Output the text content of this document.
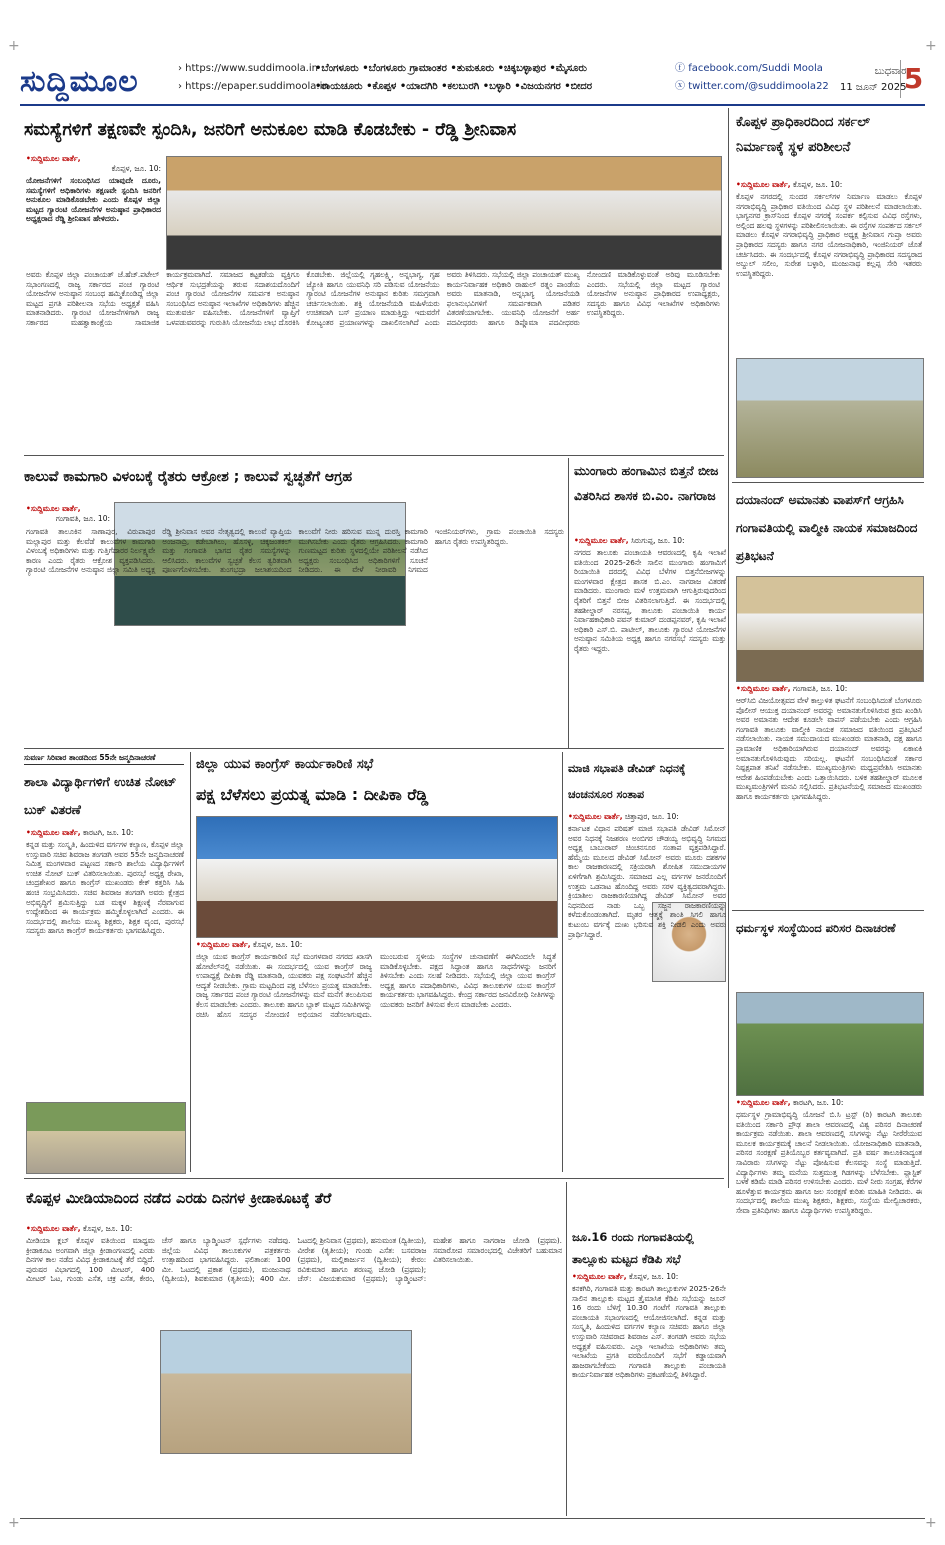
+	+
+	+
ಸುದ್ದಿಮೂಲ	› https://www.suddimoola.in
› https://epaper.suddimoola.in
•ಬೆಂಗಳೂರು •ಬೆಂಗಳೂರು ಗ್ರಾಮಾಂತರ •ತುಮಕೂರು •ಚಿಕ್ಕಬಳ್ಳಾಪುರ •ಮೈಸೂರು
•ರಾಯಚೂರು •ಕೊಪ್ಪಳ •ಯಾದಗಿರಿ •ಕಲಬುರಗಿ •ಬಳ್ಳಾರಿ •ವಿಜಯನಗರ •ಬೀದರ
ⓕ facebook.com/Suddi Moola
ⓧ twitter.com/@suddimoola22
ಬುಧವಾರ
11 ಜೂನ್ 2025
5
ಸಮಸ್ಯೆಗಳಿಗೆ ತಕ್ಷಣವೇ ಸ್ಪಂದಿಸಿ, ಜನರಿಗೆ ಅನುಕೂಲ ಮಾಡಿ ಕೊಡಬೇಕು - ರೆಡ್ಡಿ ಶ್ರೀನಿವಾಸ
•ಸುದ್ದಿಮೂಲ ವಾರ್ತೆ,
ಕೊಪ್ಪಳ, ಜೂ. 10:
ಯೋಜನೆಗಳಿಗೆ ಸಂಬಂಧಿಸಿದ ಯಾವುದೇ ದೂರು, ಸಮಸ್ಯೆಗಳಿಗೆ ಅಧಿಕಾರಿಗಳು ತಕ್ಷಣವೇ ಸ್ಪಂದಿಸಿ ಜನರಿಗೆ ಅನುಕೂಲ ಮಾಡಿಕೊಡಬೇಕು ಎಂದು ಕೊಪ್ಪಳ ಜಿಲ್ಲಾ ಮಟ್ಟದ ಗ್ಯಾರಂಟಿ ಯೋಜನೆಗಳ ಅನುಷ್ಠಾನ ಪ್ರಾಧಿಕಾರದ ಅಧ್ಯಕ್ಷರಾದ ರೆಡ್ಡಿ ಶ್ರೀನಿವಾಸ ಹೇಳಿದರು.
ಅವರು ಕೊಪ್ಪಳ ಜಿಲ್ಲಾ ಪಂಚಾಯತ್ ಜೆ.ಹೆಚ್.ಪಟೇಲ್ ಸಭಾಂಗಣದಲ್ಲಿ ರಾಜ್ಯ ಸರ್ಕಾರದ ಪಂಚ ಗ್ಯಾರಂಟಿ ಯೋಜನೆಗಳ ಅನುಷ್ಠಾನ ಸಂಬಂಧ ಹಮ್ಮಿಕೊಂಡಿದ್ದ ಜಿಲ್ಲಾ ಮಟ್ಟದ ಪ್ರಗತಿ ಪರಿಶೀಲನಾ ಸಭೆಯ ಅಧ್ಯಕ್ಷತೆ ವಹಿಸಿ ಮಾತನಾಡಿದರು. ಗ್ಯಾರಂಟಿ ಯೋಜನೆಗಳಿಗಾಗಿ ರಾಜ್ಯ ಸರ್ಕಾರದ ಮಹತ್ವಾಕಾಂಕ್ಷೆಯ ಸಾಮಾಜಿಕ ಕಾರ್ಯಕ್ರಮವಾಗಿದೆ. ಸಮಾಜದ ಕಟ್ಟಕಡೆಯ ವ್ಯಕ್ತಿಗೂ ಆರ್ಥಿಕ ಸುಭದ್ರತೆಯನ್ನು ತರುವ ಸದಾಶಯದೊಂದಿಗೆ ಪಂಚ ಗ್ಯಾರಂಟಿ ಯೋಜನೆಗಳ ಸಮರ್ಪಕ ಅನುಷ್ಠಾನ ಸಂಬಂಧಿಸಿದ ಅನುಷ್ಠಾನ ಇಲಾಖೆಗಳ ಅಧಿಕಾರಿಗಳು ಹೆಚ್ಚಿನ ಮುತುವರ್ಜಿ ವಹಿಸಬೇಕು. ಯೋಜನೆಗಳಿಗೆ ವ್ಯಾಪ್ತಿಗೆ ಒಳಪಡುವವರನ್ನು ಗುರುತಿಸಿ ಯೋಜನೆಯ ಲಾಭ ದೊರಕಿಸಿ ಕೊಡಬೇಕು. ಜಿಲ್ಲೆಯಲ್ಲಿ ಗೃಹಲಕ್ಷ್ಮಿ, ಅನ್ನಭಾಗ್ಯ, ಗೃಹ ಜ್ಯೋತಿ ಹಾಗೂ ಯುವನಿಧಿ ಸರಿ ಪಡಿಸುವ ಯೋಜನೆಯು ಗ್ಯಾರಂಟಿ ಯೋಜನೆಗಳ ಅನುಷ್ಠಾನ ಕುರಿತು ಸಮಗ್ರವಾಗಿ ಚರ್ಚಿಸಲಾಯಿತು. ಶಕ್ತಿ ಯೋಜನೆಯಡಿ ಮಹಿಳೆಯರು ಉಚಿತವಾಗಿ ಬಸ್ ಪ್ರಯಾಣ ಮಾಡುತ್ತಿದ್ದು ಇದುವರೆಗೆ ಕೋಟ್ಯಂತರ ಪ್ರಯಾಣಗಳನ್ನು ದಾಖಲಿಸಲಾಗಿದೆ ಎಂದು ಅವರು ತಿಳಿಸಿದರು. ಸಭೆಯಲ್ಲಿ ಜಿಲ್ಲಾ ಪಂಚಾಯತ್ ಮುಖ್ಯ ಕಾರ್ಯನಿರ್ವಾಹಕ ಅಧಿಕಾರಿ ರಾಹುಲ್ ರತ್ನಂ ಪಾಂಡೆಯ ಅವರು ಮಾತನಾಡಿ, ಅನ್ನಭಾಗ್ಯ ಯೋಜನೆಯಡಿ ಫಲಾನುಭವಿಗಳಿಗೆ ಸಮರ್ಪಕವಾಗಿ ಪಡಿತರ ವಿತರಣೆಯಾಗಬೇಕು. ಯುವನಿಧಿ ಯೋಜನೆಗೆ ಅರ್ಹ ಪದವೀಧರರು ಹಾಗೂ ಡಿಪ್ಲೊಮಾ ಪದವೀಧರರು ನೋಂದಣಿ ಮಾಡಿಕೊಳ್ಳುವಂತೆ ಅರಿವು ಮೂಡಿಸಬೇಕು ಎಂದರು. ಸಭೆಯಲ್ಲಿ ಜಿಲ್ಲಾ ಮಟ್ಟದ ಗ್ಯಾರಂಟಿ ಯೋಜನೆಗಳ ಅನುಷ್ಠಾನ ಪ್ರಾಧಿಕಾರದ ಉಪಾಧ್ಯಕ್ಷರು, ಸದಸ್ಯರು ಹಾಗೂ ವಿವಿಧ ಇಲಾಖೆಗಳ ಅಧಿಕಾರಿಗಳು ಉಪಸ್ಥಿತರಿದ್ದರು.
ಕೊಪ್ಪಳ ಪ್ರಾಧಿಕಾರದಿಂದ ಸರ್ಕಲ್ ನಿರ್ಮಾಣಕ್ಕೆ ಸ್ಥಳ ಪರಿಶೀಲನೆ
•ಸುದ್ದಿಮೂಲ ವಾರ್ತೆ, ಕೊಪ್ಪಳ, ಜೂ. 10:
ಕೊಪ್ಪಳ ನಗರದಲ್ಲಿ ಸುಂದರ ಸರ್ಕಲ್‌ಗಳ ನಿರ್ಮಾಣ ಮಾಡಲು ಕೊಪ್ಪಳ ನಗರಾಭಿವೃದ್ಧಿ ಪ್ರಾಧಿಕಾರ ವತಿಯಿಂದ ವಿವಿಧ ಸ್ಥಳ ಪರಿಶೀಲನೆ ಮಾಡಲಾಯಿತು. ಭಾಗ್ಯನಗರ ಕ್ರಾಸ್‌ನಿಂದ ಕೊಪ್ಪಳ ನಗರಕ್ಕೆ ಸಂಪರ್ಕ ಕಲ್ಪಿಸುವ ವಿವಿಧ ರಸ್ತೆಗಳು, ಅಲ್ಲಿಂದ ಹಲವು ಸ್ಥಳಗಳನ್ನು ಪರಿಶೀಲಿಸಲಾಯಿತು. ಈ ರಸ್ತೆಗಳ ಸಂಪರ್ಕದ ಸರ್ಕಲ್ ಮಾಡಲು ಕೊಪ್ಪಳ ನಗರಾಭಿವೃದ್ಧಿ ಪ್ರಾಧಿಕಾರ ಅಧ್ಯಕ್ಷ ಶ್ರೀನಿವಾಸ ಗುಪ್ತಾ ಅವರು ಪ್ರಾಧಿಕಾರದ ಸದಸ್ಯರು ಹಾಗೂ ನಗರ ಯೋಜನಾಧಿಕಾರಿ, ಇಂಜಿನಿಯರ್ ಜೊತೆ ಚರ್ಚಿಸಿದರು. ಈ ಸಂದರ್ಭದಲ್ಲಿ ಕೊಪ್ಪಳ ನಗರಾಭಿವೃದ್ಧಿ ಪ್ರಾಧಿಕಾರದ ಸದಸ್ಯರಾದ ಅಬ್ದುಲ್ ಸಲೀಂ, ಸುರೇಶ ಬಳ್ಳಾರಿ, ಮಂಜುನಾಥ ಕಲ್ಲಪ್ಪ ಸೇರಿ ಇತರರು ಉಪಸ್ಥಿತರಿದ್ದರು.
ಕಾಲುವೆ ಕಾಮಗಾರಿ ವಿಳಂಬಕ್ಕೆ ರೈತರು ಆಕ್ರೋಶ ; ಕಾಲುವೆ ಸ್ವಚ್ಛತೆಗೆ ಆಗ್ರಹ
•ಸುದ್ದಿಮೂಲ ವಾರ್ತೆ,
ಗಂಗಾವತಿ, ಜೂ. 10:
ಗಂಗಾವತಿ ತಾಲೂಕಿನ ಸಾಣಾಪುರ, ವಿರುಪಾಪುರ ಮಲ್ಲಾಪುರ ಮತ್ತು ಕೆಲವೆಡೆ ಕಾಲುವೆಗಳ ಕಾಮಗಾರಿ ವಿಳಂಬಕ್ಕೆ ಅಧಿಕಾರಿಗಳು ಮತ್ತು ಗುತ್ತಿಗೆದಾರರ ನಿರ್ಲಕ್ಷ್ಯವೇ ಕಾರಣ ಎಂದು ರೈತರು ಆಕ್ರೋಶ ವ್ಯಕ್ತಪಡಿಸಿದರು. ಗ್ಯಾರಂಟಿ ಯೋಜನೆಗಳ ಅನುಷ್ಠಾನ ಜಿಲ್ಲಾ ಸಮಿತಿ ಅಧ್ಯಕ್ಷ ರೆಡ್ಡಿ ಶ್ರೀನಿವಾಸ ಅವರ ನೇತೃತ್ವದಲ್ಲಿ ಕಾಲುವೆ ವ್ಯಾಪ್ತಿಯ ಅಂಜನಾದ್ರಿ, ಕಡೇಬಾಗಿಲು, ಹೊಸಳ್ಳಿ, ಚಿಕ್ಕಜಂತಕಲ್ ಮತ್ತು ಗಂಗಾವತಿ ಭಾಗದ ರೈತರ ಸಮಸ್ಯೆಗಳನ್ನು ಆಲಿಸಿದರು. ಕಾಲುವೆಗಳ ಸ್ವಚ್ಛತೆ ಕೆಲಸ ತ್ವರಿತವಾಗಿ ಪೂರ್ಣಗೊಳಿಸಬೇಕು. ತುಂಗಭದ್ರಾ ಜಲಾಶಯದಿಂದ ಕಾಲುವೆಗೆ ನೀರು ಹರಿಸುವ ಮುನ್ನ ದುರಸ್ತಿ ಕಾಮಗಾರಿ ಮುಗಿಸಬೇಕು ಎಂದು ರೈತರು ಆಗ್ರಹಿಸಿದರು. ಕಾಮಗಾರಿ ಗುಣಮಟ್ಟದ ಕುರಿತು ಸ್ಥಳದಲ್ಲಿಯೇ ಪರಿಶೀಲನೆ ನಡೆಸಿದ ಅಧ್ಯಕ್ಷರು ಸಂಬಂಧಿಸಿದ ಅಧಿಕಾರಿಗಳಿಗೆ ಸೂಚನೆ ನೀಡಿದರು. ಈ ವೇಳೆ ನೀರಾವರಿ ನಿಗಮದ ಇಂಜಿನಿಯರ್‌ಗಳು, ಗ್ರಾಮ ಪಂಚಾಯಿತಿ ಸದಸ್ಯರು ಹಾಗೂ ರೈತರು ಉಪಸ್ಥಿತರಿದ್ದರು.
ಮುಂಗಾರು ಹಂಗಾಮಿನ ಬಿತ್ತನೆ ಬೀಜ ವಿತರಿಸಿದ ಶಾಸಕ ಬಿ.ಎಂ. ನಾಗರಾಜ
•ಸುದ್ದಿಮೂಲ ವಾರ್ತೆ, ಸಿರುಗುಪ್ಪ, ಜೂ. 10:
ನಗರದ ತಾಲೂಕು ಪಂಚಾಯತಿ ಆವರಣದಲ್ಲಿ ಕೃಷಿ ಇಲಾಖೆ ವತಿಯಿಂದ 2025-26ನೇ ಸಾಲಿನ ಮುಂಗಾರು ಹಂಗಾಮಿಗೆ ರಿಯಾಯಿತಿ ದರದಲ್ಲಿ ವಿವಿಧ ಬೆಳೆಗಳ ಬಿತ್ತನೆಬೀಜಗಳನ್ನು ಮಂಗಳವಾರ ಕ್ಷೇತ್ರದ ಶಾಸಕ ಬಿ.ಎಂ. ನಾಗರಾಜ ವಿತರಣೆ ಮಾಡಿದರು. ಮುಂಗಾರು ಮಳೆ ಉತ್ತಮವಾಗಿ ಆಗುತ್ತಿರುವುದರಿಂದ ರೈತರಿಗೆ ಬಿತ್ತನೆ ಬೀಜ ವಿತರಿಸಲಾಗುತ್ತಿದೆ. ಈ ಸಂದರ್ಭದಲ್ಲಿ ತಹಶೀಲ್ದಾರ್ ನರಸಪ್ಪ, ತಾಲೂಕು ಪಂಚಾಯಿತಿ ಕಾರ್ಯ ನಿರ್ವಾಹಕಾಧಿಕಾರಿ ಪವನ್ ಕುಮಾರ್ ದಂಡಪ್ಪನವರ್, ಕೃಷಿ ಇಲಾಖೆ ಅಧಿಕಾರಿ ಎಸ್.ಬಿ. ಪಾಟೀಲ್, ತಾಲೂಕು ಗ್ಯಾರಂಟಿ ಯೋಜನೆಗಳ ಅನುಷ್ಠಾನ ಸಮಿತಿಯ ಅಧ್ಯಕ್ಷ ಹಾಗೂ ನಗರಸಭೆ ಸದಸ್ಯರು ಮತ್ತು ರೈತರು ಇದ್ದರು.
ದಯಾನಂದ್ ಅಮಾನತು ವಾಪಸ್‌ಗೆ ಆಗ್ರಹಿಸಿ ಗಂಗಾವತಿಯಲ್ಲಿ ವಾಲ್ಮೀಕಿ ನಾಯಕ ಸಮಾಜದಿಂದ ಪ್ರತಿಭಟನೆ
•ಸುದ್ದಿಮೂಲ ವಾರ್ತೆ, ಗಂಗಾವತಿ, ಜೂ. 10:
ಆರ್‌ಸಿಬಿ ವಿಜಯೋತ್ಸವದ ವೇಳೆ ಕಾಲ್ತುಳಿತ ಘಟನೆಗೆ ಸಂಬಂಧಿಸಿದಂತೆ ಬೆಂಗಳೂರು ಪೊಲೀಸ್ ಆಯುಕ್ತ ದಯಾನಂದ್ ಅವರನ್ನು ಅಮಾನತುಗೊಳಿಸಿರುವ ಕ್ರಮ ಖಂಡಿಸಿ ಅವರ ಅಮಾನತು ಆದೇಶ ಕೂಡಲೇ ವಾಪಸ್ ಪಡೆಯಬೇಕು ಎಂದು ಆಗ್ರಹಿಸಿ ಗಂಗಾವತಿ ತಾಲೂಕು ವಾಲ್ಮೀಕಿ ನಾಯಕ ಸಮಾಜದ ವತಿಯಿಂದ ಪ್ರತಿಭಟನೆ ನಡೆಸಲಾಯಿತು. ನಾಯಕ ಸಮುದಾಯದ ಮುಖಂಡರು ಮಾತನಾಡಿ, ದಕ್ಷ ಹಾಗೂ ಪ್ರಾಮಾಣಿಕ ಅಧಿಕಾರಿಯಾಗಿರುವ ದಯಾನಂದ್ ಅವರನ್ನು ಏಕಾಏಕಿ ಅಮಾನತುಗೊಳಿಸಿರುವುದು ಸರಿಯಲ್ಲ. ಘಟನೆಗೆ ಸಂಬಂಧಿಸಿದಂತೆ ಸರ್ಕಾರ ನಿಷ್ಪಕ್ಷಪಾತ ತನಿಖೆ ನಡೆಸಬೇಕು. ಮುಖ್ಯಮಂತ್ರಿಗಳು ಮಧ್ಯಪ್ರವೇಶಿಸಿ ಅಮಾನತು ಆದೇಶ ಹಿಂಪಡೆಯಬೇಕು ಎಂದು ಒತ್ತಾಯಿಸಿದರು. ಬಳಿಕ ತಹಶೀಲ್ದಾರ್ ಮೂಲಕ ಮುಖ್ಯಮಂತ್ರಿಗಳಿಗೆ ಮನವಿ ಸಲ್ಲಿಸಿದರು. ಪ್ರತಿಭಟನೆಯಲ್ಲಿ ಸಮಾಜದ ಮುಖಂಡರು ಹಾಗೂ ಕಾರ್ಯಕರ್ತರು ಭಾಗವಹಿಸಿದ್ದರು.
ಸುವರ್ಣ ಸಿರಿವಾರ ತಾಂಡದಿಂದ 55ನೇ ಜನ್ಮದಿನಾಚರಣೆ
ಶಾಲಾ ವಿದ್ಯಾರ್ಥಿಗಳಿಗೆ ಉಚಿತ ನೋಟ್ ಬುಕ್ ವಿತರಣೆ
•ಸುದ್ದಿಮೂಲ ವಾರ್ತೆ, ಕಾರಟಗಿ, ಜೂ. 10:
ಕನ್ನಡ ಮತ್ತು ಸಂಸ್ಕೃತಿ, ಹಿಂದುಳಿದ ವರ್ಗಗಳ ಕಲ್ಯಾಣ, ಕೊಪ್ಪಳ ಜಿಲ್ಲಾ ಉಸ್ತುವಾರಿ ಸಚಿವ ಶಿವರಾಜ ತಂಗಡಗಿ ಅವರ 55ನೇ ಜನ್ಮದಿನಾಚರಣೆ ನಿಮಿತ್ತ ಮಂಗಳವಾರ ಪಟ್ಟಣದ ಸರ್ಕಾರಿ ಶಾಲೆಯ ವಿದ್ಯಾರ್ಥಿಗಳಿಗೆ ಉಚಿತ ನೋಟ್ ಬುಕ್ ವಿತರಿಸಲಾಯಿತು. ಪುರಸಭೆ ಅಧ್ಯಕ್ಷ ರೇಖಾ, ಚಂದ್ರಶೇಖರ ಹಾಗೂ ಕಾಂಗ್ರೆಸ್ ಮುಖಂಡರು ಕೇಕ್ ಕತ್ತರಿಸಿ ಸಿಹಿ ಹಂಚಿ ಸಂಭ್ರಮಿಸಿದರು. ಸಚಿವ ಶಿವರಾಜ ತಂಗಡಗಿ ಅವರು ಕ್ಷೇತ್ರದ ಅಭಿವೃದ್ಧಿಗೆ ಶ್ರಮಿಸುತ್ತಿದ್ದು ಬಡ ಮಕ್ಕಳ ಶಿಕ್ಷಣಕ್ಕೆ ನೆರವಾಗುವ ಉದ್ದೇಶದಿಂದ ಈ ಕಾರ್ಯಕ್ರಮ ಹಮ್ಮಿಕೊಳ್ಳಲಾಗಿದೆ ಎಂದರು. ಈ ಸಂದರ್ಭದಲ್ಲಿ ಶಾಲೆಯ ಮುಖ್ಯ ಶಿಕ್ಷಕರು, ಶಿಕ್ಷಕ ವೃಂದ, ಪುರಸಭೆ ಸದಸ್ಯರು ಹಾಗೂ ಕಾಂಗ್ರೆಸ್ ಕಾರ್ಯಕರ್ತರು ಭಾಗವಹಿಸಿದ್ದರು.
ಜಿಲ್ಲಾ ಯುವ ಕಾಂಗ್ರೆಸ್ ಕಾರ್ಯಕಾರಿಣಿ ಸಭೆ
ಪಕ್ಷ ಬೆಳೆಸಲು ಪ್ರಯತ್ನ ಮಾಡಿ : ದೀಪಿಕಾ ರೆಡ್ಡಿ
•ಸುದ್ದಿಮೂಲ ವಾರ್ತೆ, ಕೊಪ್ಪಳ, ಜೂ. 10:
ಜಿಲ್ಲಾ ಯುವ ಕಾಂಗ್ರೆಸ್ ಕಾರ್ಯಕಾರಿಣಿ ಸಭೆ ಮಂಗಳವಾರ ನಗರದ ಖಾಸಗಿ ಹೋಟೆಲ್‌ನಲ್ಲಿ ನಡೆಯಿತು. ಈ ಸಂದರ್ಭದಲ್ಲಿ ಯುವ ಕಾಂಗ್ರೆಸ್ ರಾಜ್ಯ ಉಪಾಧ್ಯಕ್ಷೆ ದೀಪಿಕಾ ರೆಡ್ಡಿ ಮಾತನಾಡಿ, ಯುವಕರು ಪಕ್ಷ ಸಂಘಟನೆಗೆ ಹೆಚ್ಚಿನ ಆದ್ಯತೆ ನೀಡಬೇಕು. ಗ್ರಾಮ ಮಟ್ಟದಿಂದ ಪಕ್ಷ ಬೆಳೆಸಲು ಪ್ರಯತ್ನ ಮಾಡಬೇಕು. ರಾಜ್ಯ ಸರ್ಕಾರದ ಪಂಚ ಗ್ಯಾರಂಟಿ ಯೋಜನೆಗಳನ್ನು ಮನೆ ಮನೆಗೆ ತಲುಪಿಸುವ ಕೆಲಸ ಮಾಡಬೇಕು ಎಂದರು. ತಾಲೂಕು ಹಾಗೂ ಬ್ಲಾಕ್ ಮಟ್ಟದ ಸಮಿತಿಗಳನ್ನು ರಚಿಸಿ ಹೊಸ ಸದಸ್ಯರ ನೋಂದಣಿ ಅಭಿಯಾನ ನಡೆಸಲಾಗುವುದು. ಮುಂಬರುವ ಸ್ಥಳೀಯ ಸಂಸ್ಥೆಗಳ ಚುನಾವಣೆಗೆ ಈಗಿನಿಂದಲೇ ಸಿದ್ಧತೆ ಮಾಡಿಕೊಳ್ಳಬೇಕು. ಪಕ್ಷದ ಸಿದ್ಧಾಂತ ಹಾಗೂ ಸಾಧನೆಗಳನ್ನು ಜನರಿಗೆ ತಿಳಿಸಬೇಕು ಎಂದು ಸಲಹೆ ನೀಡಿದರು. ಸಭೆಯಲ್ಲಿ ಜಿಲ್ಲಾ ಯುವ ಕಾಂಗ್ರೆಸ್ ಅಧ್ಯಕ್ಷ ಹಾಗೂ ಪದಾಧಿಕಾರಿಗಳು, ವಿವಿಧ ತಾಲೂಕುಗಳ ಯುವ ಕಾಂಗ್ರೆಸ್ ಕಾರ್ಯಕರ್ತರು ಭಾಗವಹಿಸಿದ್ದರು. ಕೇಂದ್ರ ಸರ್ಕಾರದ ಜನವಿರೋಧಿ ನೀತಿಗಳನ್ನು ಯುವಕರು ಜನರಿಗೆ ತಿಳಿಸುವ ಕೆಲಸ ಮಾಡಬೇಕು ಎಂದರು.
ಮಾಜಿ ಸಭಾಪತಿ ಡೇವಿಡ್ ನಿಧನಕ್ಕೆ ಚಂಚನಸೂರ ಸಂತಾಪ
•ಸುದ್ದಿಮೂಲ ವಾರ್ತೆ, ಚಿತ್ತಾಪುರ, ಜೂ. 10:
ಕರ್ನಾಟಕ ವಿಧಾನ ಪರಿಷತ್ ಮಾಜಿ ಸಭಾಪತಿ ಡೇವಿಡ್ ಸಿಮೋನ್ ಅವರ ನಿಧನಕ್ಕೆ ನಿಜಶರಣ ಅಂಬಿಗರ ಚೌಡಯ್ಯ ಅಭಿವೃದ್ಧಿ ನಿಗಮದ ಅಧ್ಯಕ್ಷ ಬಾಬುರಾವ್ ಚಿಂಚನಸೂರ ಸಂತಾಪ ವ್ಯಕ್ತಪಡಿಸಿದ್ದಾರೆ. ಹೆಮ್ಮೆಯ ಮೂಲದ ಡೇವಿಡ್ ಸಿಮೋನ್ ಅವರು ಮೂರು ದಶಕಗಳ ಕಾಲ ರಾಜಕಾರಣದಲ್ಲಿ ಸಕ್ರಿಯರಾಗಿ ಶೋಷಿತ ಸಮುದಾಯಗಳ ಏಳಿಗೆಗಾಗಿ ಶ್ರಮಿಸಿದ್ದರು. ಸಮಾಜದ ಎಲ್ಲ ವರ್ಗಗಳ ಜನರೊಂದಿಗೆ ಉತ್ತಮ ಒಡನಾಟ ಹೊಂದಿದ್ದ ಅವರು ಸರಳ ವ್ಯಕ್ತಿತ್ವದವರಾಗಿದ್ದರು. ಕ್ರಿಯಾಶೀಲ ರಾಜಕಾರಣಿಯಾಗಿದ್ದ ಡೇವಿಡ್ ಸಿಮೋನ್ ಅವರ ನಿಧನದಿಂದ ನಾಡು ಒಬ್ಬ ಸಜ್ಜನ ರಾಜಕಾರಣಿಯನ್ನು ಕಳೆದುಕೊಂಡಂತಾಗಿದೆ. ಮೃತರ ಆತ್ಮಕ್ಕೆ ಶಾಂತಿ ಸಿಗಲಿ ಹಾಗೂ ಕುಟುಂಬ ವರ್ಗಕ್ಕೆ ದುಃಖ ಭರಿಸುವ ಶಕ್ತಿ ನೀಡಲಿ ಎಂದು ಅವರು ಪ್ರಾರ್ಥಿಸಿದ್ದಾರೆ.	ಧರ್ಮಸ್ಥಳ ಸಂಸ್ಥೆಯಿಂದ ಪರಿಸರ ದಿನಾಚರಣೆ
•ಸುದ್ದಿಮೂಲ ವಾರ್ತೆ, ಕಾರಟಗಿ, ಜೂ. 10:
ಧರ್ಮಸ್ಥಳ ಗ್ರಾಮಾಭಿವೃದ್ಧಿ ಯೋಜನೆ ಬಿ.ಸಿ ಟ್ರಸ್ಟ್ (ರಿ) ಕಾರಟಗಿ ತಾಲೂಕು ವತಿಯಿಂದ ಸರ್ಕಾರಿ ಪ್ರೌಢ ಶಾಲಾ ಆವರಣದಲ್ಲಿ ವಿಶ್ವ ಪರಿಸರ ದಿನಾಚರಣೆ ಕಾರ್ಯಕ್ರಮ ನಡೆಯಿತು. ಶಾಲಾ ಆವರಣದಲ್ಲಿ ಸಸಿಗಳನ್ನು ನೆಟ್ಟು ನೀರೆರೆಯುವ ಮೂಲಕ ಕಾರ್ಯಕ್ರಮಕ್ಕೆ ಚಾಲನೆ ನೀಡಲಾಯಿತು. ಯೋಜನಾಧಿಕಾರಿ ಮಾತನಾಡಿ, ಪರಿಸರ ಸಂರಕ್ಷಣೆ ಪ್ರತಿಯೊಬ್ಬರ ಕರ್ತವ್ಯವಾಗಿದೆ. ಪ್ರತಿ ವರ್ಷ ತಾಲೂಕಿನಾದ್ಯಂತ ಸಾವಿರಾರು ಸಸಿಗಳನ್ನು ನೆಟ್ಟು ಪೋಷಿಸುವ ಕೆಲಸವನ್ನು ಸಂಸ್ಥೆ ಮಾಡುತ್ತಿದೆ. ವಿದ್ಯಾರ್ಥಿಗಳು ತಮ್ಮ ಮನೆಯ ಸುತ್ತಮುತ್ತ ಗಿಡಗಳನ್ನು ಬೆಳೆಸಬೇಕು. ಪ್ಲಾಸ್ಟಿಕ್ ಬಳಕೆ ಕಡಿಮೆ ಮಾಡಿ ಪರಿಸರ ಉಳಿಸಬೇಕು ಎಂದರು. ಮಳೆ ನೀರು ಸಂಗ್ರಹ, ಕೆರೆಗಳ ಹೂಳೆತ್ತುವ ಕಾರ್ಯಕ್ರಮ ಹಾಗೂ ಜಲ ಸಂರಕ್ಷಣೆ ಕುರಿತು ಮಾಹಿತಿ ನೀಡಿದರು. ಈ ಸಂದರ್ಭದಲ್ಲಿ ಶಾಲೆಯ ಮುಖ್ಯ ಶಿಕ್ಷಕರು, ಶಿಕ್ಷಕರು, ಸಂಸ್ಥೆಯ ಮೇಲ್ವಿಚಾರಕರು, ಸೇವಾ ಪ್ರತಿನಿಧಿಗಳು ಹಾಗೂ ವಿದ್ಯಾರ್ಥಿಗಳು ಉಪಸ್ಥಿತರಿದ್ದರು.
ಕೊಪ್ಪಳ ಮೀಡಿಯಾದಿಂದ ನಡೆದ ಎರಡು ದಿನಗಳ ಕ್ರೀಡಾಕೂಟಕ್ಕೆ ತೆರೆ
•ಸುದ್ದಿಮೂಲ ವಾರ್ತೆ, ಕೊಪ್ಪಳ, ಜೂ. 10:
ಮೀಡಿಯಾ ಕ್ಲಬ್ ಕೊಪ್ಪಳ ವತಿಯಿಂದ ಮಾಧ್ಯಮ ಕ್ರೀಡಾಕೂಟ ಅಂಗವಾಗಿ ಜಿಲ್ಲಾ ಕ್ರೀಡಾಂಗಣದಲ್ಲಿ ಎರಡು ದಿನಗಳ ಕಾಲ ನಡೆದ ವಿವಿಧ ಕ್ರೀಡಾಕೂಟಕ್ಕೆ ತೆರೆ ಬಿದ್ದಿದೆ. ಪುರುಷರ ವಿಭಾಗದಲ್ಲಿ 100 ಮೀಟರ್, 400 ಮೀಟರ್ ಓಟ, ಗುಂಡು ಎಸೆತ, ಚಕ್ರ ಎಸೆತ, ಕೇರಂ, ಚೆಸ್ ಹಾಗೂ ಬ್ಯಾಡ್ಮಿಂಟನ್ ಸ್ಪರ್ಧೆಗಳು ನಡೆದವು. ಜಿಲ್ಲೆಯ ವಿವಿಧ ತಾಲೂಕುಗಳ ಪತ್ರಕರ್ತರು ಉತ್ಸಾಹದಿಂದ ಭಾಗವಹಿಸಿದ್ದರು. ಫಲಿತಾಂಶ: 100 ಮೀ. ಓಟದಲ್ಲಿ ಪ್ರಕಾಶ (ಪ್ರಥಮ), ಮಂಜುನಾಥ (ದ್ವಿತೀಯ), ಶಿವಕುಮಾರ (ತೃತೀಯ); 400 ಮೀ. ಓಟದಲ್ಲಿ ಶ್ರೀನಿವಾಸ (ಪ್ರಥಮ), ಹನುಮಂತ (ದ್ವಿತೀಯ), ವೀರೇಶ (ತೃತೀಯ); ಗುಂಡು ಎಸೆತ: ಬಸವರಾಜ (ಪ್ರಥಮ), ಮಲ್ಲಿಕಾರ್ಜುನ (ದ್ವಿತೀಯ); ಕೇರಂ: ರವಿಕುಮಾರ ಹಾಗೂ ಶರಣಪ್ಪ ಜೋಡಿ (ಪ್ರಥಮ); ಚೆಸ್: ವಿಜಯಕುಮಾರ (ಪ್ರಥಮ); ಬ್ಯಾಡ್ಮಿಂಟನ್: ಮಹೇಶ ಹಾಗೂ ನಾಗರಾಜ ಜೋಡಿ (ಪ್ರಥಮ). ಸಮಾರೋಪ ಸಮಾರಂಭದಲ್ಲಿ ವಿಜೇತರಿಗೆ ಬಹುಮಾನ ವಿತರಿಸಲಾಯಿತು.
ಜೂ.16 ರಂದು ಗಂಗಾವತಿಯಲ್ಲಿ ತಾಲ್ಲೂಕು ಮಟ್ಟದ ಕೆಡಿಪಿ ಸಭೆ
•ಸುದ್ದಿಮೂಲ ವಾರ್ತೆ, ಕೊಪ್ಪಳ, ಜೂ. 10:
ಕನಕಗಿರಿ, ಗಂಗಾವತಿ ಮತ್ತು ಕಾರಟಗಿ ತಾಲ್ಲೂಕುಗಳ 2025-26ನೇ ಸಾಲಿನ ತಾಲ್ಲೂಕು ಮಟ್ಟದ ತ್ರೈಮಾಸಿಕ ಕೆಡಿಪಿ ಸಭೆಯನ್ನು ಜೂನ್ 16 ರಂದು ಬೆಳಿಗ್ಗೆ 10.30 ಗಂಟೆಗೆ ಗಂಗಾವತಿ ತಾಲ್ಲೂಕು ಪಂಚಾಯತಿ ಸಭಾಂಗಣದಲ್ಲಿ ಆಯೋಜಿಸಲಾಗಿದೆ. ಕನ್ನಡ ಮತ್ತು ಸಂಸ್ಕೃತಿ, ಹಿಂದುಳಿದ ವರ್ಗಗಳ ಕಲ್ಯಾಣ ಸಚಿವರು ಹಾಗೂ ಜಿಲ್ಲಾ ಉಸ್ತುವಾರಿ ಸಚಿವರಾದ ಶಿವರಾಜ ಎಸ್. ತಂಗಡಗಿ ಅವರು ಸಭೆಯ ಅಧ್ಯಕ್ಷತೆ ವಹಿಸುವರು. ಎಲ್ಲಾ ಇಲಾಖೆಯ ಅಧಿಕಾರಿಗಳು ತಮ್ಮ ಇಲಾಖೆಯ ಪ್ರಗತಿ ವರದಿಯೊಂದಿಗೆ ಸಭೆಗೆ ಕಡ್ಡಾಯವಾಗಿ ಹಾಜರಾಗಬೇಕೆಂದು ಗಂಗಾವತಿ ತಾಲ್ಲೂಕು ಪಂಚಾಯತಿ ಕಾರ್ಯನಿರ್ವಾಹಕ ಅಧಿಕಾರಿಗಳು ಪ್ರಕಟಣೆಯಲ್ಲಿ ತಿಳಿಸಿದ್ದಾರೆ.
